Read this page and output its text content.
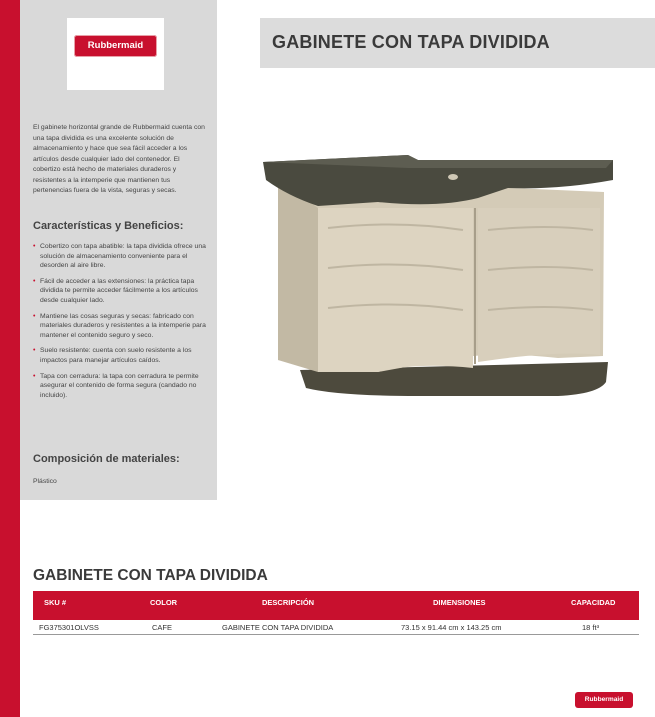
Rubbermaid	GABINETE CON TAPA DIVIDIDA

El gabinete horizontal grande de Rubbermaid cuenta con una tapa dividida es una excelente solución de almacenamiento y hace que sea fácil acceder a los artículos desde cualquier lado del contenedor. El cobertizo está hecho de materiales duraderos y resistentes a la intemperie que mantienen tus pertenencias fuera de la vista, seguras y secas.

Características y Beneficios:
• Cobertizo con tapa abatible: la tapa dividida ofrece una solución de almacenamiento conveniente para el desorden al aire libre.
• Fácil de acceder a las extensiones: la práctica tapa dividida te permite acceder fácilmente a los artículos desde cualquier lado.
• Mantiene las cosas seguras y secas: fabricado con materiales duraderos y resistentes a la intemperie para mantener el contenido seguro y seco.
• Suelo resistente: cuenta con suelo resistente a los impactos para manejar artículos caídos.
• Tapa con cerradura: la tapa con cerradura te permite asegurar el contenido de forma segura (candado no incluido).
Composición de materiales:
Plástico
GABINETE CON TAPA DIVIDIDA
SKU #	COLOR	DESCRIPCIÓN	DIMENSIONES	CAPACIDAD
FG375301OLVSS	CAFE	GABINETE CON TAPA DIVIDIDA	73.15 x 91.44 cm x 143.25 cm	18 ft³
Rubbermaid
